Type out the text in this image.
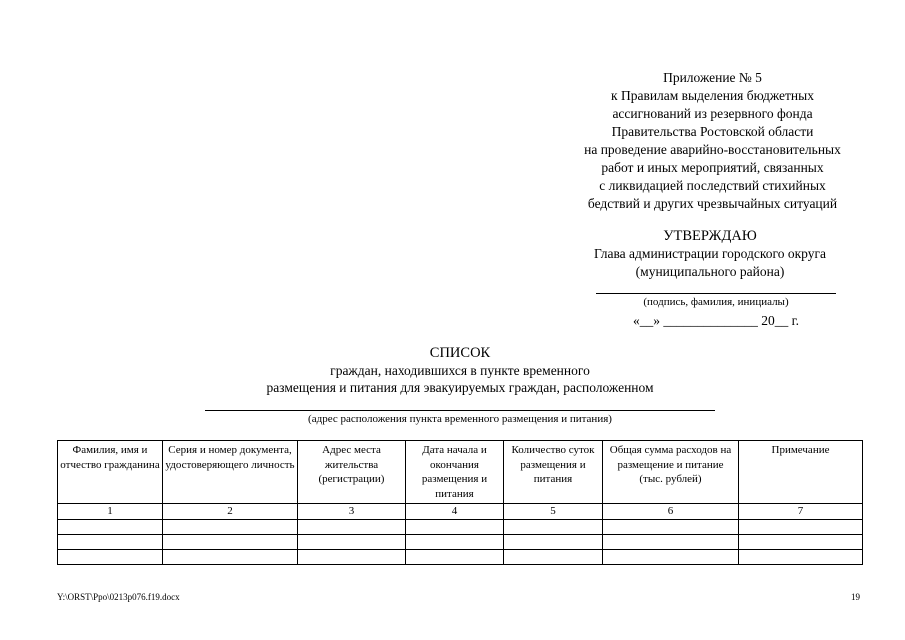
Приложение № 5
к Правилам выделения бюджетных
ассигнований из резервного фонда
Правительства Ростовской области
на проведение аварийно-восстановительных
работ и иных мероприятий, связанных
с ликвидацией последствий стихийных
бедствий и других чрезвычайных ситуаций
УТВЕРЖДАЮ
Глава администрации городского округа
(муниципального района)
(подпись, фамилия, инициалы)
«__» ______________ 20__ г.
СПИСОК
граждан, находившихся в пункте временного
размещения и питания для эвакуируемых граждан, расположенном
(адрес расположения пункта временного размещения и питания)
Фамилия, имя и отчество гражданина	Серия и номер документа, удостоверяющего личность	Адрес места жительства (регистрации)	Дата начала и окончания размещения и питания	Количество суток размещения и питания	Общая сумма расходов на размещение и питание (тыс. рублей)	Примечание
1	2	3	4	5	6	7

Y:\ORST\Ppo\0213p076.f19.docx	19
